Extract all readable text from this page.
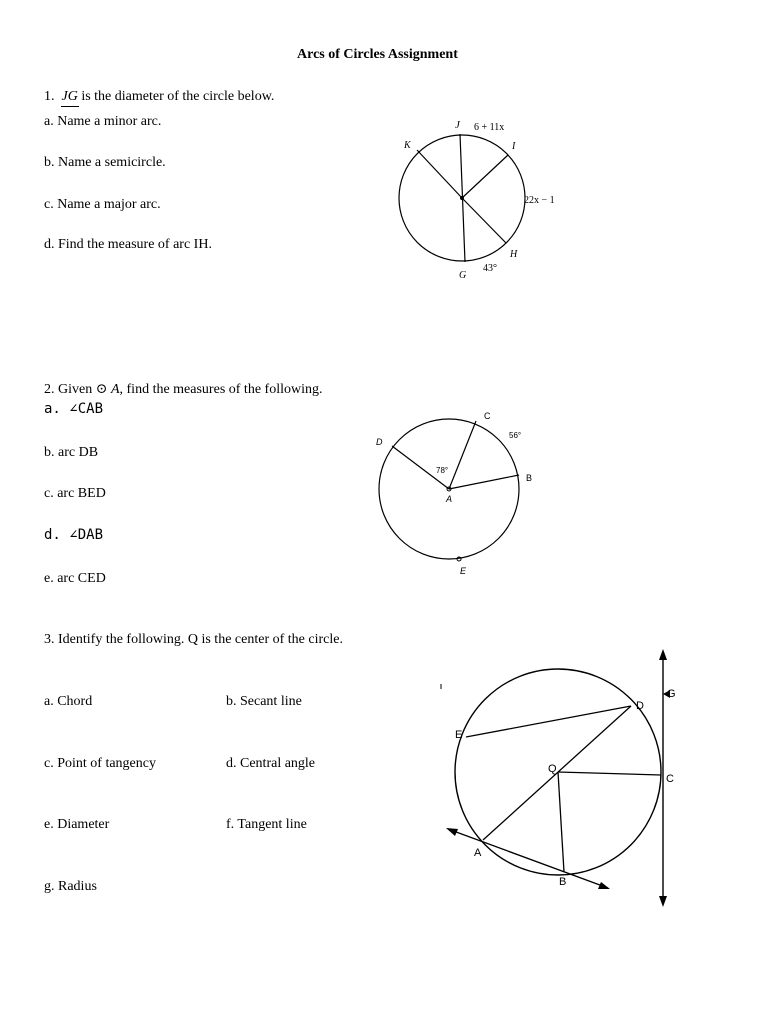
Arcs of Circles Assignment
1. JG is the diameter of the circle below.
a. Name a minor arc.
b. Name a semicircle.
c. Name a major arc.
d. Find the measure of arc IH.
2. Given ⊙ A, find the measures of the following.
a. ∠CAB
b. arc DB
c. arc BED
d. ∠DAB
e. arc CED
3. Identify the following. Q is the center of the circle.
a. Chord	b. Secant line
c. Point of tangency	d. Central angle
e. Diameter	f. Tangent line
g. Radius
J 6 + 11x
K	I
22x − 1
H
43°
G
D
C
56°
78°
B
A
E
Q
A
B
C
D
E
G
